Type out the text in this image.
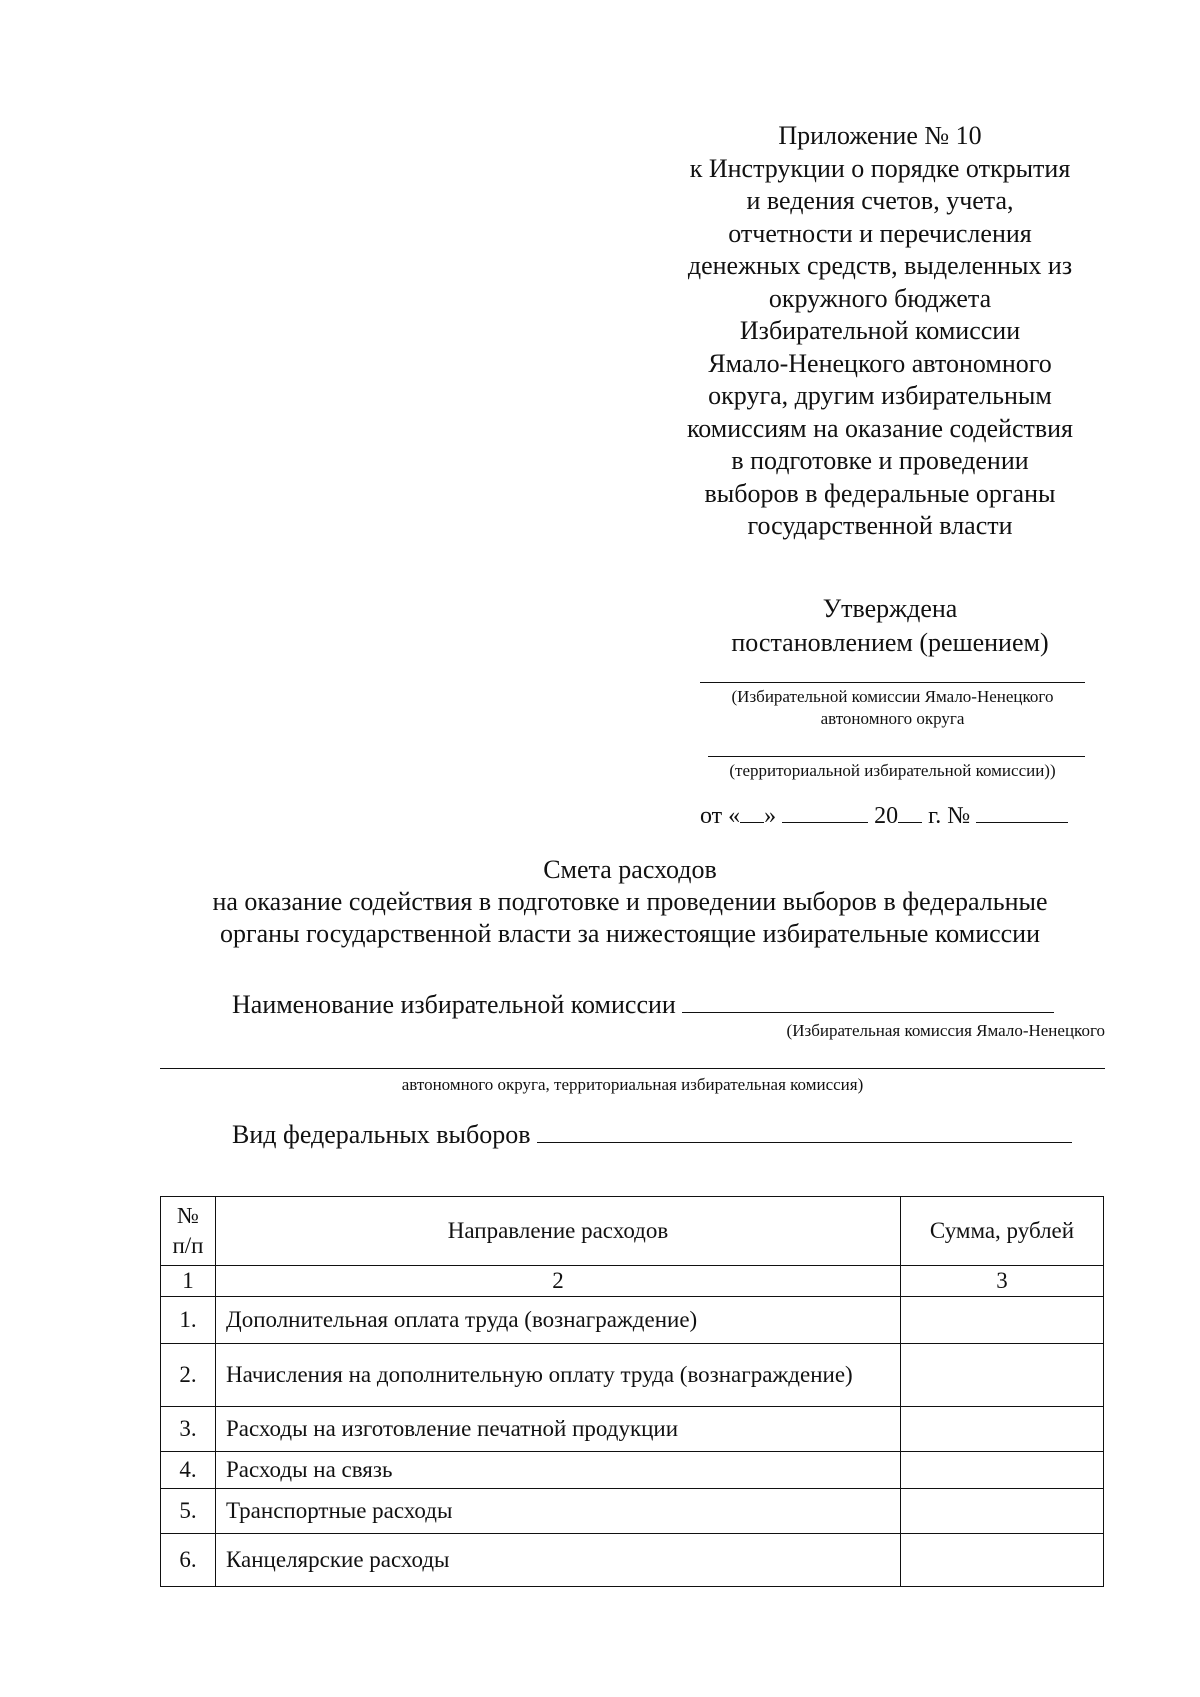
Приложение № 10
к Инструкции о порядке открытия
и ведения счетов, учета,
отчетности и перечисления
денежных средств, выделенных из
окружного бюджета
Избирательной комиссии
Ямало-Ненецкого автономного
округа, другим избирательным
комиссиям на оказание содействия
в подготовке и проведении
выборов в федеральные органы
государственной власти
Утверждена
постановлением (решением)
(Избирательной комиссии Ямало-Ненецкого
автономного округа
(территориальной избирательной комиссии))
от « »	20 г. №
Смета расходов
на оказание содействия в подготовке и проведении выборов в федеральные
органы государственной власти за нижестоящие избирательные комиссии
Наименование избирательной комиссии
(Избирательная комиссия Ямало-Ненецкого
автономного округа, территориальная избирательная комиссия)
Вид федеральных выборов
№
п/п	Направление расходов	Сумма, рублей
1	2	3
1.	Дополнительная оплата труда (вознаграждение)	
2.	Начисления на дополнительную оплату труда (вознаграждение)	
3.	Расходы на изготовление печатной продукции	
4.	Расходы на связь	
5.	Транспортные расходы	
6.	Канцелярские расходы	
